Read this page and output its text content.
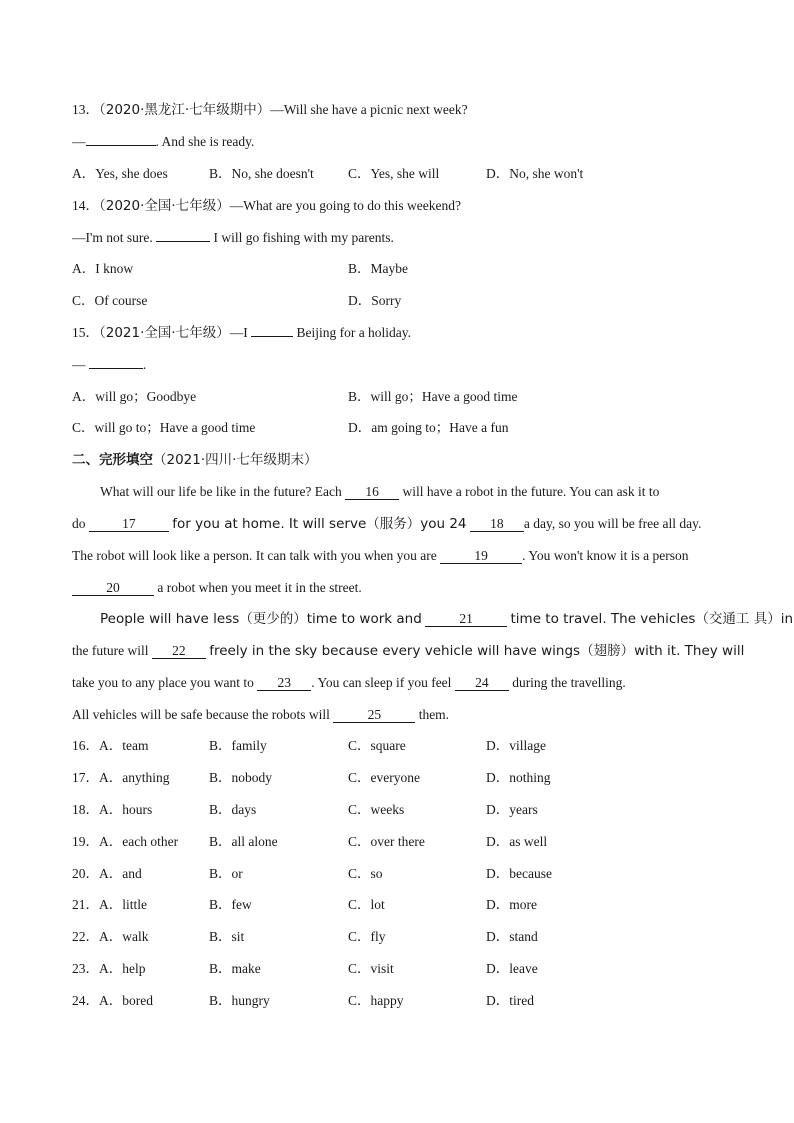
13．（2020·黑龙江·七年级期中）—Will she have a picnic next week?
—	. And she is ready.
A．Yes, she does	B．No, she doesn't	C．Yes, she will	D．No, she won't
14．（2020·全国·七年级）—What are you going to do this weekend?
—I'm not sure.	I will go fishing with my parents.
A．I know	B．Maybe
C．Of course	D．Sorry
15．（2021·全国·七年级）—I	Beijing for a holiday.
—	.
A．will go；Goodbye	B．will go；Have a good time
C．will go to；Have a good time	D．am going to；Have a fun
二、完形填空（2021·四川·七年级期末）
What will our life be like in the future? Each 16 will have a robot in the future. You can ask it to
do	17	for you at home. It will serve（服务）you 24 18 a day, so you will be free all day.
The robot will look like a person. It can talk with you when you are	19	. You won't know it is a person
20	a robot when you meet it in the street.
People will have less（更少的）time to work and	21	time to travel. The vehicles（交通工 具）in
the future will 22 freely in the sky because every vehicle will have wings（翅膀）with it. They will
take you to any place you want to 23 . You can sleep if you feel 24 during the travelling.
All vehicles will be safe because the robots will	25	them.
16．A．team	B．family	C．square	D．village
17．A．anything	B．nobody	C．everyone	D．nothing
18．A．hours	B．days	C．weeks	D．years
19．A．each other B．all alone	C．over there	D．as well
20．A．and	B．or	C．so	D．because
21．A．little	B．few	C．lot	D．more
22．A．walk	B．sit	C．fly	D．stand
23．A．help	B．make	C．visit	D．leave
24．A．bored	B．hungry	C．happy	D．tired
